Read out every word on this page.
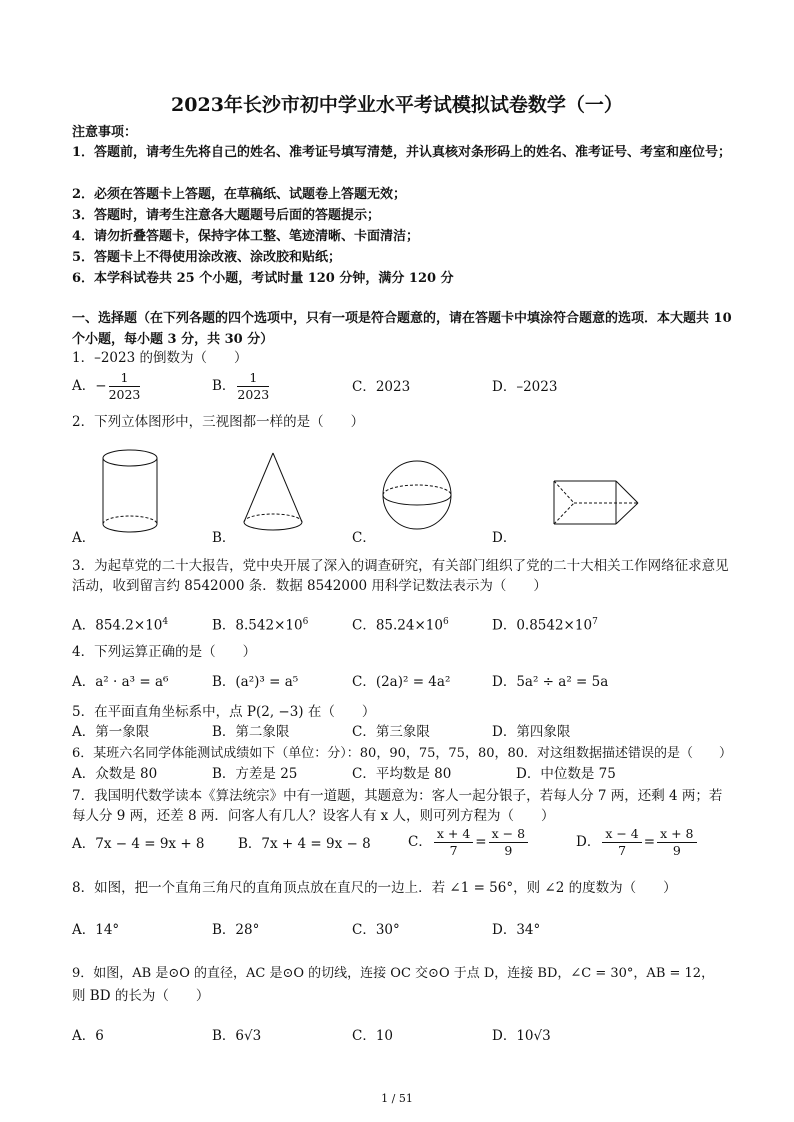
2023年长沙市初中学业水平考试模拟试卷数学（一）
注意事项：
1．答题前，请考生先将自己的姓名、准考证号填写清楚，并认真核对条形码上的姓名、准考证号、考室和座位号；
2．必须在答题卡上答题，在草稿纸、试题卷上答题无效；
3．答题时，请考生注意各大题题号后面的答题提示；
4．请勿折叠答题卡，保持字体工整、笔迹清晰、卡面清洁；
5．答题卡上不得使用涂改液、涂改胶和贴纸；
6．本学科试卷共 25 个小题，考试时量 120 分钟，满分 120 分
一、选择题（在下列各题的四个选项中，只有一项是符合题意的，请在答题卡中填涂符合题意的选项．本大题共 10 个小题，每小题 3 分，共 30 分）
1．–2023 的倒数为（　　）
A．− $\frac{1}{2023}$	B． $\frac{1}{2023}$	C．2023	D．–2023
2．下列立体图形中，三视图都一样的是（　　）
A．	B．	C．	D．
3．为起草党的二十大报告，党中央开展了深入的调查研究，有关部门组织了党的二十大相关工作网络征求意见活动，收到留言约 8542000 条．数据 8542000 用科学记数法表示为（　　）
A．$854.2\times 10^4$	B．$8.542\times 10^6$	C．$85.24\times 10^6$	D．$0.8542\times 10^7$
4．下列运算正确的是（　　）
A．a² · a³ = a⁶	B．(a²)³ = a⁵	C．(2a)² = 4a²	D．5a² ÷ a² = 5a
5．在平面直角坐标系中，点 P(2, −3) 在（　　）
A．第一象限	B．第二象限	C．第三象限	D．第四象限
6．某班六名同学体能测试成绩如下（单位：分）：80，90，75，75，80，80．对这组数据描述错误的是（　　）
A．众数是 80	B．方差是 25	C．平均数是 80	D．中位数是 75
7．我国明代数学读本《算法统宗》中有一道题，其题意为：客人一起分银子，若每人分 7 两，还剩 4 两；若每人分 9 两，还差 8 两．问客人有几人？设客人有 x 人，则可列方程为（　　）
A．7x − 4 = 9x + 8 B．7x + 4 = 9x − 8	C． $\frac{x + 4}{7} = \frac{x - 8}{9}$	D． $\frac{x - 4}{7} = \frac{x + 8}{9}$
8．如图，把一个直角三角尺的直角顶点放在直尺的一边上．若 ∠1 = 56°，则 ∠2 的度数为（　　）
A．14°	B．28°	C．30°	D．34°
9．如图，AB 是⊙O 的直径，AC 是⊙O 的切线，连接 OC 交⊙O 于点 D，连接 BD，∠C = 30°，AB = 12，
则 BD 的长为（　　）
A．6	B．6√3	C．10	D．10√3
1 / 51
